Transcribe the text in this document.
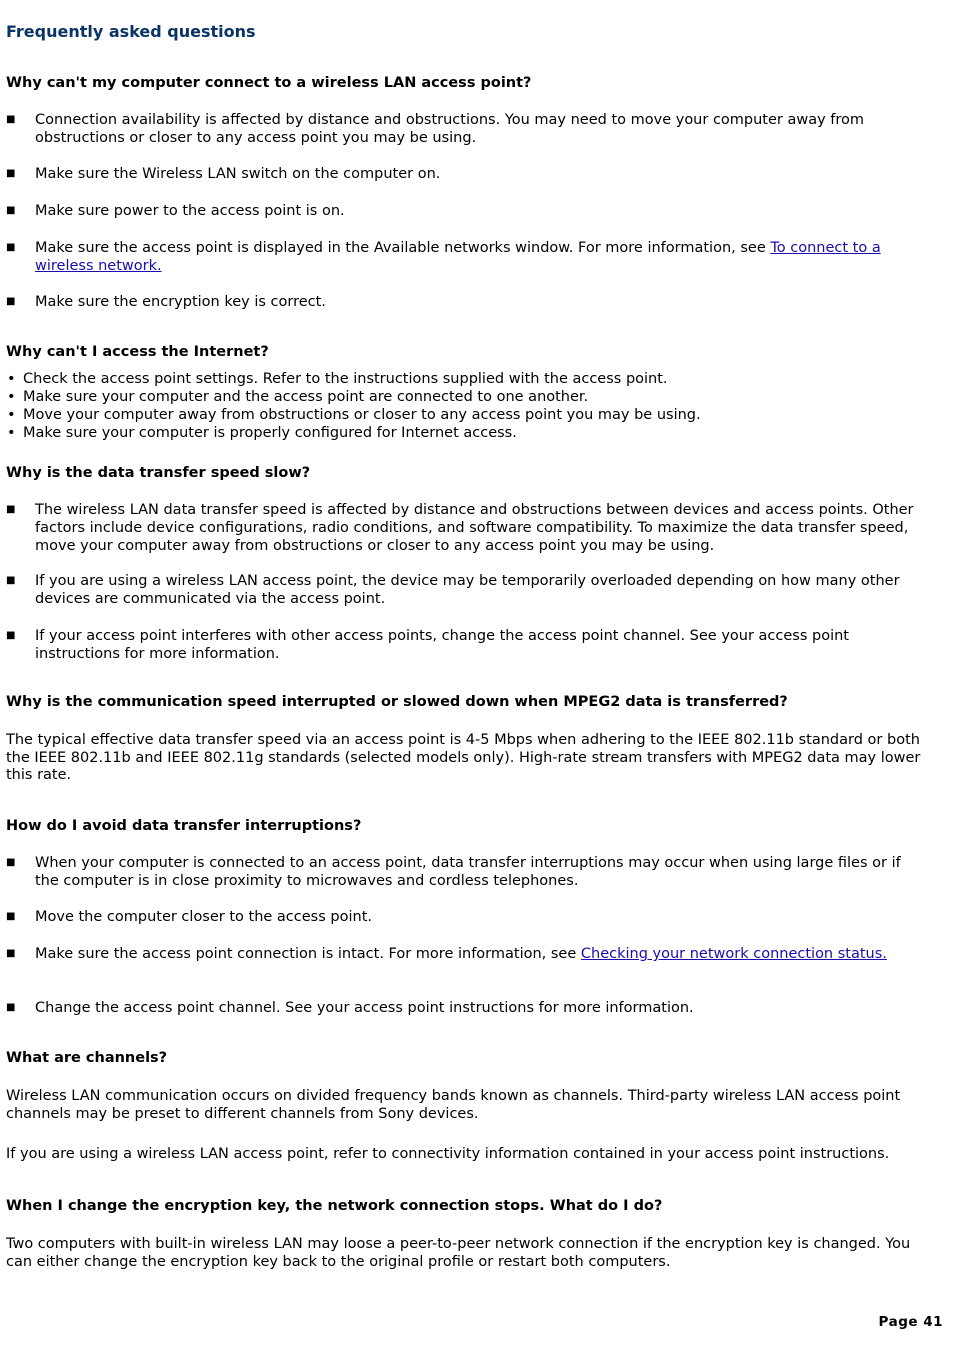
Frequently asked questions
Why can't my computer connect to a wireless LAN access point?
■ Connection availability is affected by distance and obstructions. You may need to move your computer away from obstructions or closer to any access point you may be using.
■ Make sure the Wireless LAN switch on the computer on.
■ Make sure power to the access point is on.
■ Make sure the access point is displayed in the Available networks window. For more information, see To connect to a wireless network.
■ Make sure the encryption key is correct.
Why can't I access the Internet?
• Check the access point settings. Refer to the instructions supplied with the access point.
• Make sure your computer and the access point are connected to one another.
• Move your computer away from obstructions or closer to any access point you may be using.
• Make sure your computer is properly configured for Internet access.
Why is the data transfer speed slow?
■ The wireless LAN data transfer speed is affected by distance and obstructions between devices and access points. Other factors include device configurations, radio conditions, and software compatibility. To maximize the data transfer speed, move your computer away from obstructions or closer to any access point you may be using.
■ If you are using a wireless LAN access point, the device may be temporarily overloaded depending on how many other devices are communicated via the access point.
■ If your access point interferes with other access points, change the access point channel. See your access point instructions for more information.
Why is the communication speed interrupted or slowed down when MPEG2 data is transferred?

The typical effective data transfer speed via an access point is 4-5 Mbps when adhering to the IEEE 802.11b standard or both the IEEE 802.11b and IEEE 802.11g standards (selected models only). High-rate stream transfers with MPEG2 data may lower this rate.

How do I avoid data transfer interruptions?
■ When your computer is connected to an access point, data transfer interruptions may occur when using large files or if the computer is in close proximity to microwaves and cordless telephones.
■ Move the computer closer to the access point.
■ Make sure the access point connection is intact. For more information, see Checking your network connection status.
■ Change the access point channel. See your access point instructions for more information.
What are channels?

Wireless LAN communication occurs on divided frequency bands known as channels. Third-party wireless LAN access point channels may be preset to different channels from Sony devices.

If you are using a wireless LAN access point, refer to connectivity information contained in your access point instructions.

When I change the encryption key, the network connection stops. What do I do?

Two computers with built-in wireless LAN may loose a peer-to-peer network connection if the encryption key is changed. You can either change the encryption key back to the original profile or restart both computers.

Page 41
